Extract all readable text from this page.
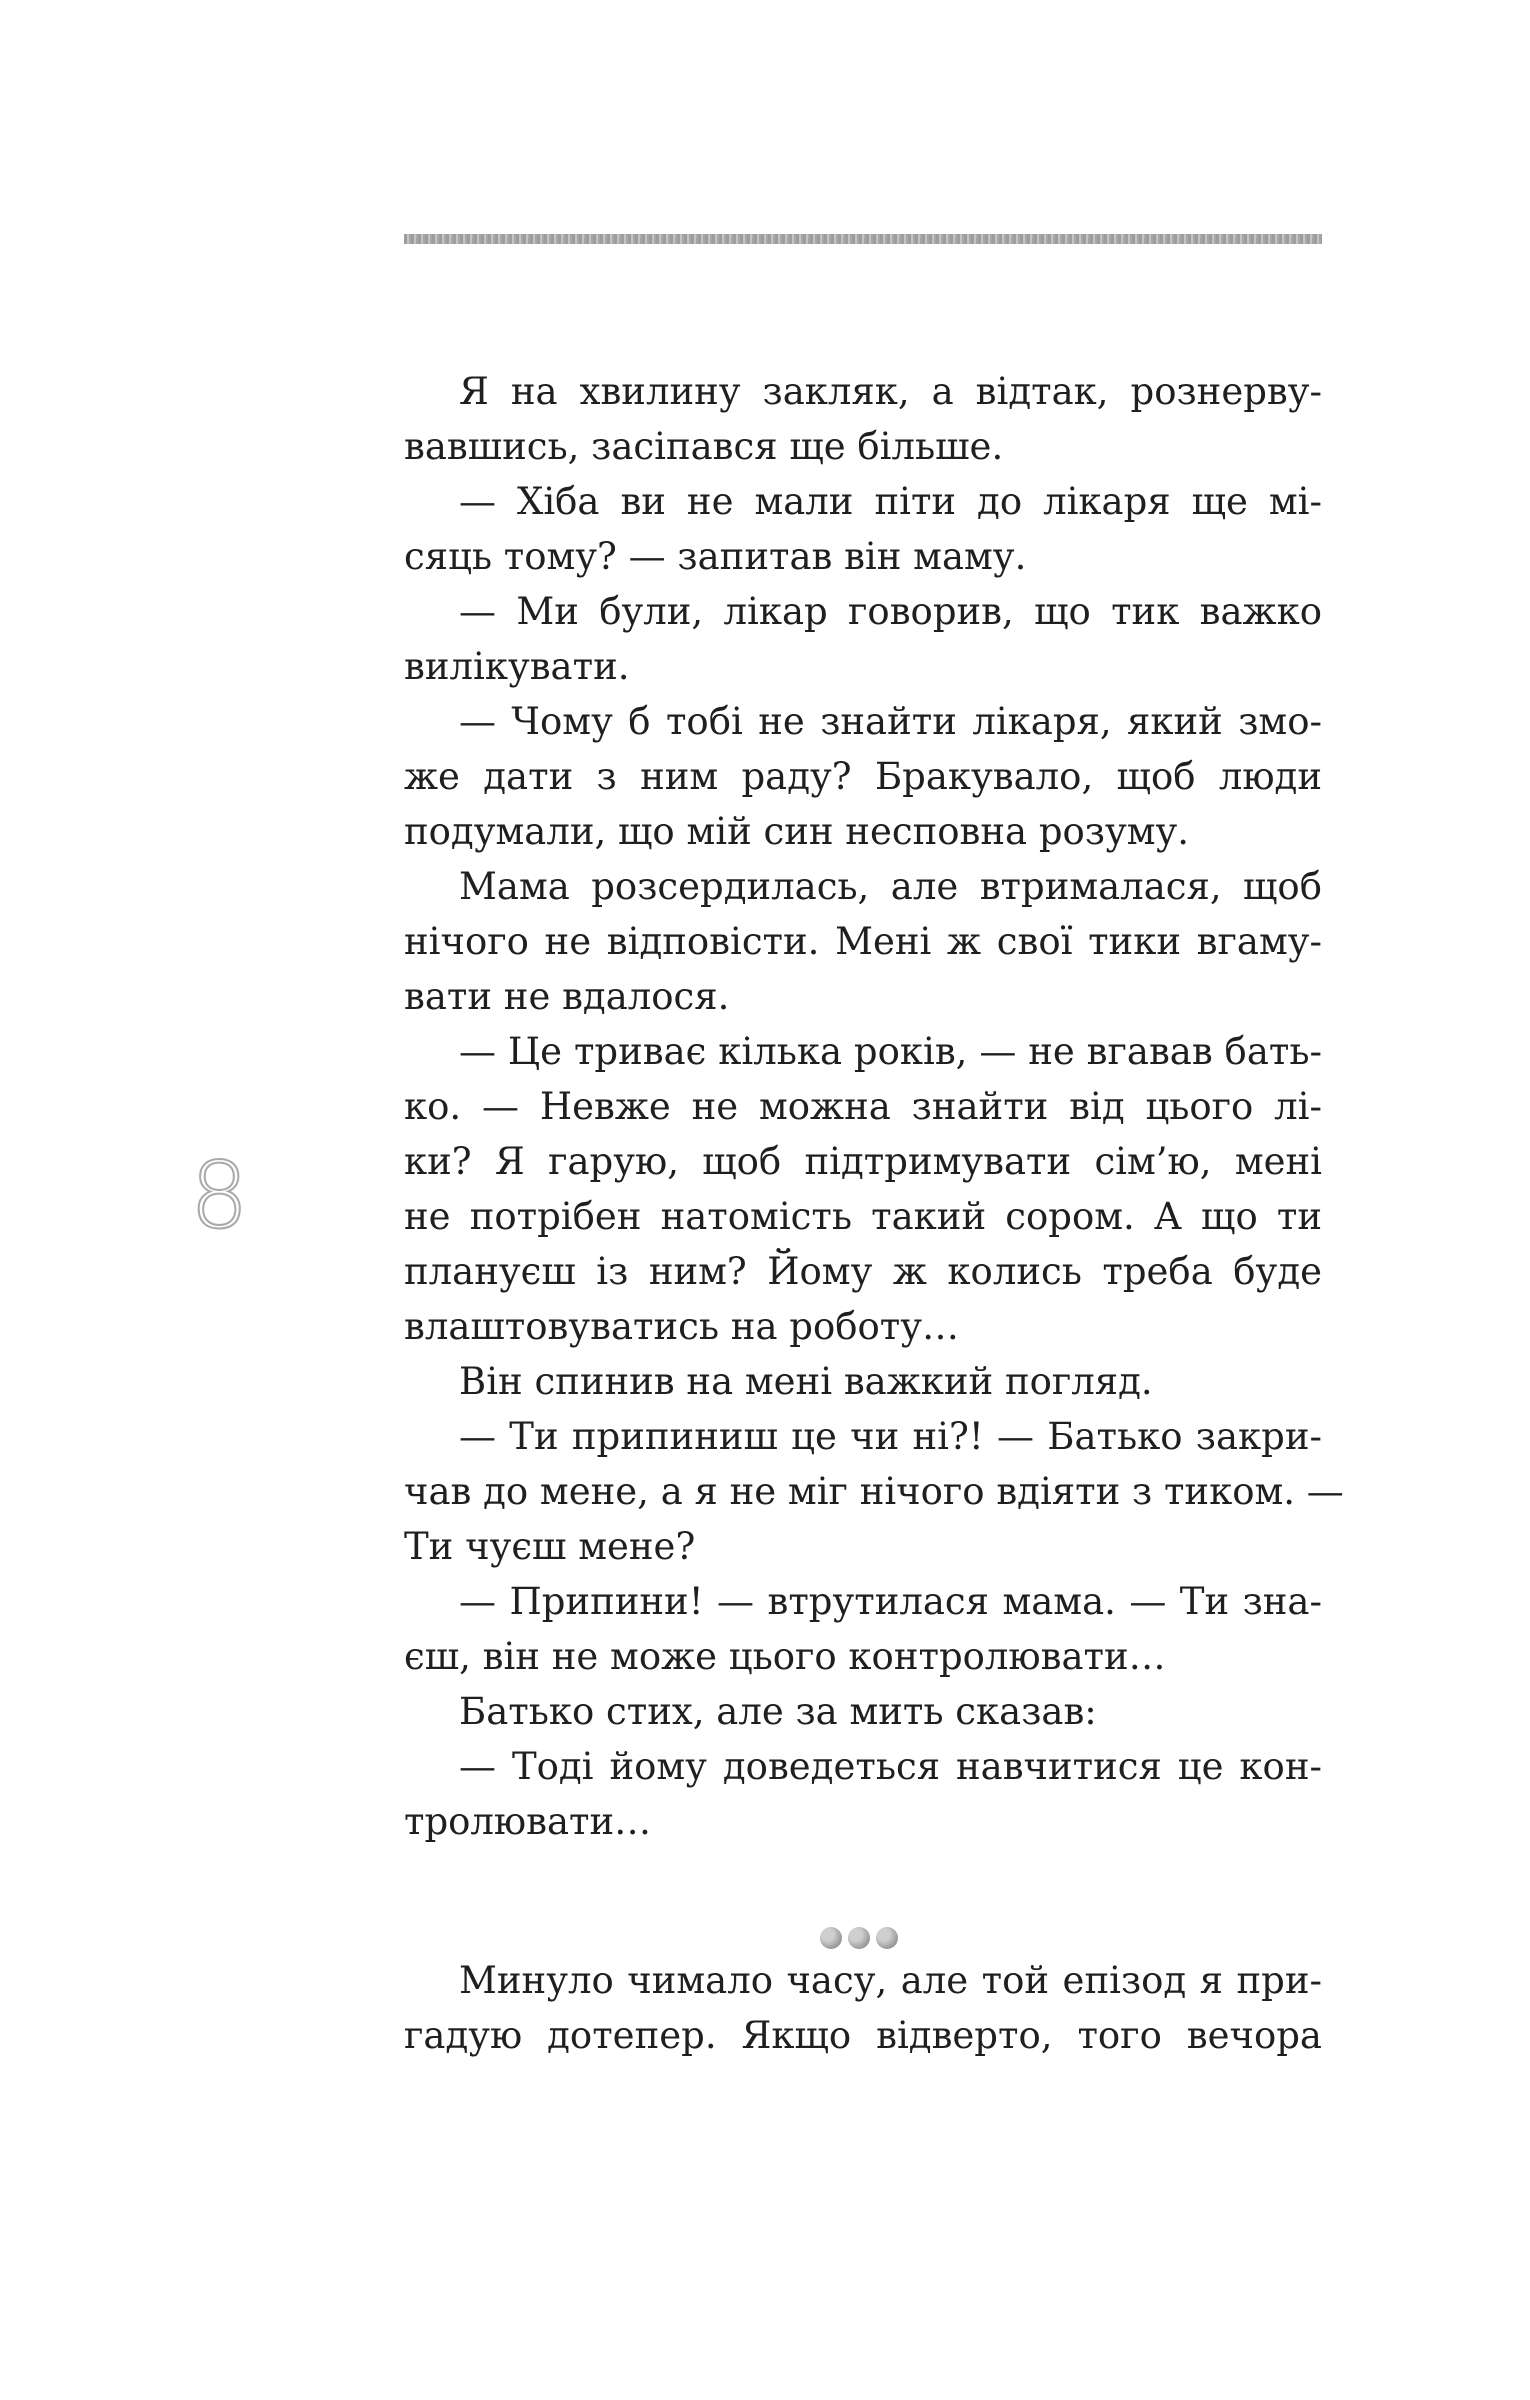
8
Я на хвилину закляк, а відтак, рознерву-
вавшись, засіпався ще більше.
— Хіба ви не мали піти до лікаря ще мі-
сяць тому? — запитав він маму.
— Ми були, лікар говорив, що тик важко
вилікувати.
— Чому б тобі не знайти лікаря, який змо-
же дати з ним раду? Бракувало, щоб люди
подумали, що мій син несповна розуму.
Мама розсердилась, але втрималася, щоб
нічого не відповісти. Мені ж свої тики вгаму-
вати не вдалося.
— Це триває кілька років, — не вгавав бать-
ко. — Невже не можна знайти від цього лі-
ки? Я гарую, щоб підтримувати сім’ю, мені
не потрібен натомість такий сором. А що ти
плануєш із ним? Йому ж колись треба буде
влаштовуватись на роботу…
Він спинив на мені важкий погляд.
— Ти припиниш це чи ні?! — Батько закри-
чав до мене, а я не міг нічого вдіяти з тиком. —
Ти чуєш мене?
— Припини! — втрутилася мама. — Ти зна-
єш, він не може цього контролювати…
Батько стих, але за мить сказав:
— Тоді йому доведеться навчитися це кон-
тролювати…
Минуло чимало часу, але той епізод я при-
гадую дотепер. Якщо відверто, того вечора
